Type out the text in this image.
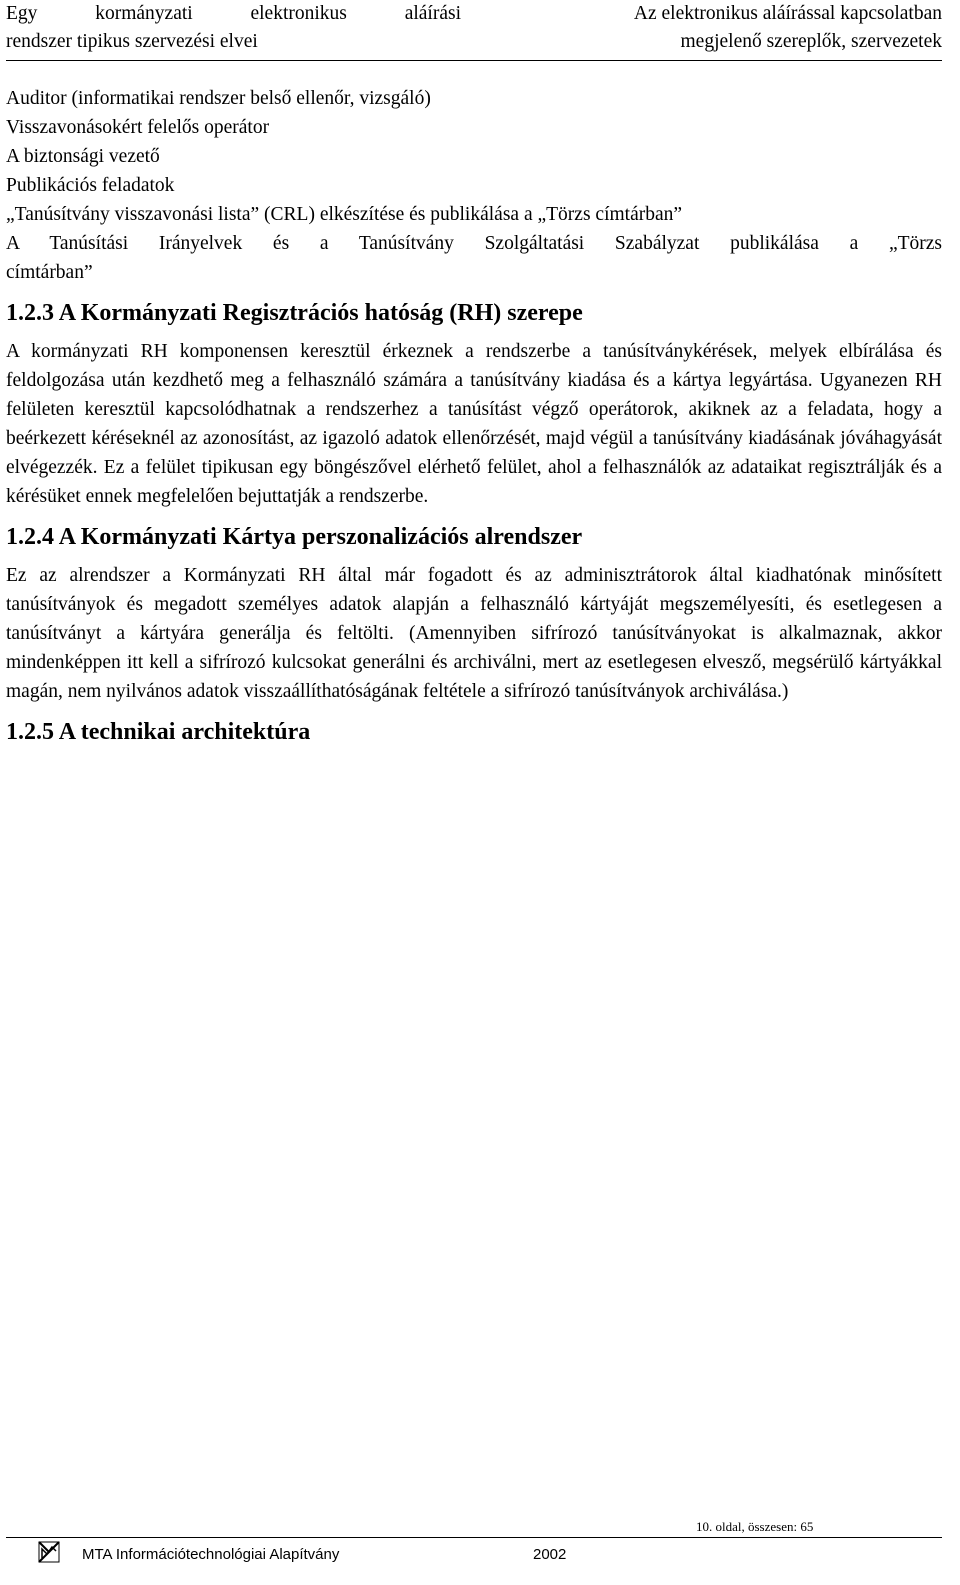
Egy kormányzati elektronikus aláírási
rendszer tipikus szervezési elvei
Az elektronikus aláírással kapcsolatban
megjelenő szereplők, szervezetek
Auditor (informatikai rendszer belső ellenőr, vizsgáló)
Visszavonásokért felelős operátor
A biztonsági vezető
Publikációs feladatok
„Tanúsítvány visszavonási lista” (CRL) elkészítése és publikálása a „Törzs címtárban”
A Tanúsítási Irányelvek és a Tanúsítvány Szolgáltatási Szabályzat publikálása a „Törzs
címtárban”
1.2.3 A Kormányzati Regisztrációs hatóság (RH) szerepe

A kormányzati RH komponensen keresztül érkeznek a rendszerbe a tanúsítványkérések, melyek elbírálása és feldolgozása után kezdhető meg a felhasználó számára a tanúsítvány kiadása és a kártya legyártása. Ugyanezen RH felületen keresztül kapcsolódhatnak a rendszerhez a tanúsítást végző operátorok, akiknek az a feladata, hogy a beérkezett kéréseknél az azonosítást, az igazoló adatok ellenőrzését, majd végül a tanúsítvány kiadásának jóváhagyását elvégezzék. Ez a felület tipikusan egy böngészővel elérhető felület, ahol a felhasználók az adataikat regisztrálják és a kérésüket ennek megfelelően bejuttatják a rendszerbe.

1.2.4 A Kormányzati Kártya perszonalizációs alrendszer

Ez az alrendszer a Kormányzati RH által már fogadott és az adminisztrátorok által kiadhatónak minősített tanúsítványok és megadott személyes adatok alapján a felhasználó kártyáját megszemélyesíti, és esetlegesen a tanúsítványt a kártyára generálja és feltölti. (Amennyiben sifrírozó tanúsítványokat is alkalmaznak, akkor mindenképpen itt kell a sifrírozó kulcsokat generálni és archiválni, mert az esetlegesen elvesző, megsérülő kártyákkal magán, nem nyilvános adatok visszaállíthatóságának feltétele a sifrírozó tanúsítványok archiválása.)

1.2.5 A technikai architektúra
10. oldal, összesen: 65
MTA Információtechnológiai Alapítvány	2002
